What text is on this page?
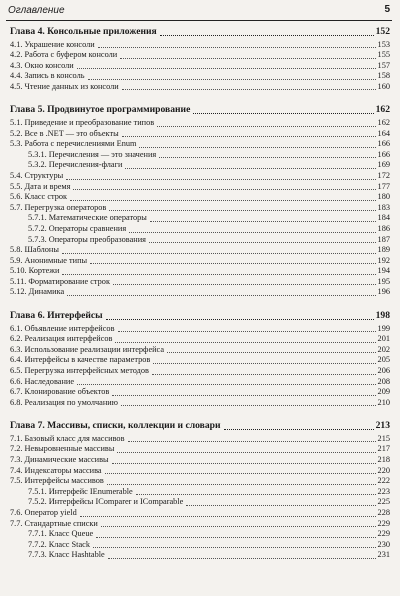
Оглавление	5
Глава 4. Консольные приложения	152
4.1. Украшение консоли	153
4.2. Работа с буфером консоли	155
4.3. Окно консоли	157
4.4. Запись в консоль	158
4.5. Чтение данных из консоли	160
Глава 5. Продвинутое программирование	162
5.1. Приведение и преобразование типов	162
5.2. Все в .NET — это объекты	164
5.3. Работа с перечислениями Enum	166
5.3.1. Перечисления — это значения	166
5.3.2. Перечисления-флаги	169
5.4. Структуры	172
5.5. Дата и время	177
5.6. Класс строк	180
5.7. Перегрузка операторов	183
5.7.1. Математические операторы	184
5.7.2. Операторы сравнения	186
5.7.3. Операторы преобразования	187
5.8. Шаблоны	189
5.9. Анонимные типы	192
5.10. Кортежи	194
5.11. Форматирование строк	195
5.12. Динамика	196
Глава 6. Интерфейсы	198
6.1. Объявление интерфейсов	199
6.2. Реализация интерфейсов	201
6.3. Использование реализации интерфейса	202
6.4. Интерфейсы в качестве параметров	205
6.5. Перегрузка интерфейсных методов	206
6.6. Наследование	208
6.7. Клонирование объектов	209
6.8. Реализация по умолчанию	210
Глава 7. Массивы, списки, коллекции и словари	213
7.1. Базовый класс для массивов	215
7.2. Невыровненные массивы	217
7.3. Динамические массивы	218
7.4. Индексаторы массива	220
7.5. Интерфейсы массивов	222
7.5.1. Интерфейс IEnumerable	223
7.5.2. Интерфейсы IComparer и IComparable	225
7.6. Оператор yield	228
7.7. Стандартные списки	229
7.7.1. Класс Queue	229
7.7.2. Класс Stack	230
7.7.3. Класс Hashtable	231
